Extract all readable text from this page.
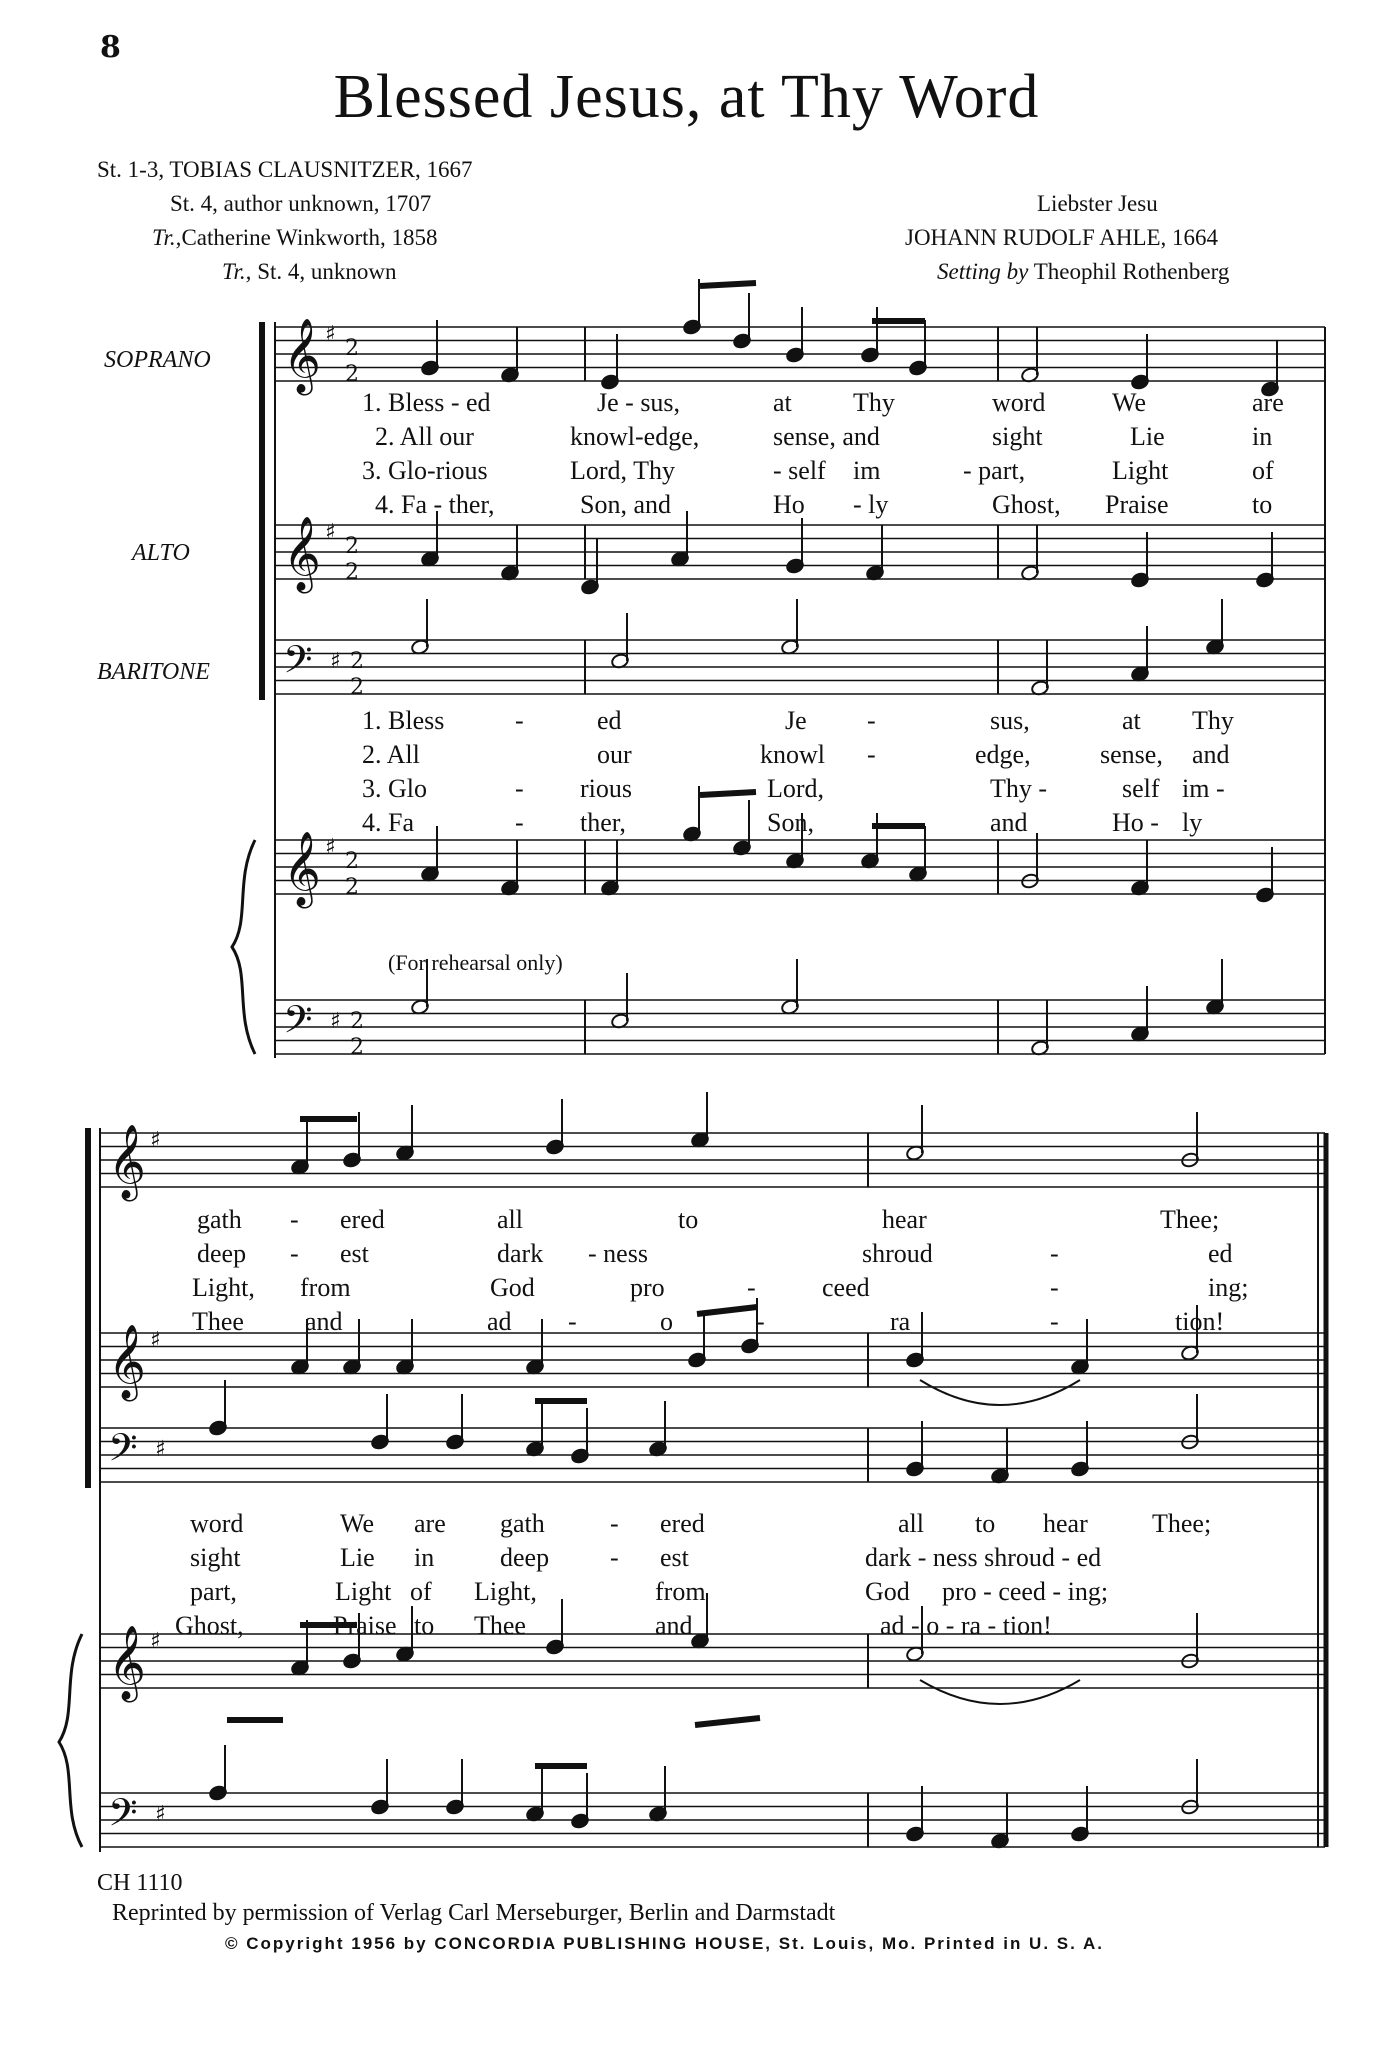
8
Blessed Jesus, at Thy Word
St. 1-3, TOBIAS CLAUSNITZER, 1667
St. 4, author unknown, 1707
Tr.,Catherine Winkworth, 1858
Tr., St. 4, unknown
Liebster Jesu
JOHANN RUDOLF AHLE, 1664
Setting by Theophil Rothenberg
SOPRANO
ALTO
BARITONE
𝄞 ♯
2
2
𝄞 ♯
2
2
𝄞 ♯
2
2
𝄢 ♯ 2
2
𝄢 ♯ 2
2
𝄞 ♯
𝄞 ♯
𝄞 ♯
𝄢 ♯
𝄢 ♯
(For rehearsal only)
1. Bless - ed	Je - sus,	at Thy	word	We	are
2. All our	knowl-edge,	sense, and	sight	Lie	in
3. Glo-rious	Lord, Thy	- self im	- part,	Light	of
4. Fa - ther,	Son, and	Ho - ly	Ghost, Praise	to
1. Bless	-	ed	Je -	sus,	at Thy
2. All	our	knowl -	edge,	sense, and
3. Glo	- rious	Lord,	Thy -	self im -
4. Fa	- ther,	Son,	and	Ho - ly
gath - ered	all	to	hear	Thee;
deep - est	dark - ness	shroud	-	ed
Light, from	God	pro	-	ceed	-	ing;
Thee and	ad -	o	-	ra	-	tion!
word	We are gath	- ered	all to hear Thee;
sight	Lie in	deep - est	dark - ness shroud - ed
part,	Light of Light,	from	God pro - ceed - ing;
Ghost,	Praise to Thee	and	ad - o - ra - tion!
CH 1110
Reprinted by permission of Verlag Carl Merseburger, Berlin and Darmstadt
© Copyright 1956 by CONCORDIA PUBLISHING HOUSE, St. Louis, Mo. Printed in U. S. A.
